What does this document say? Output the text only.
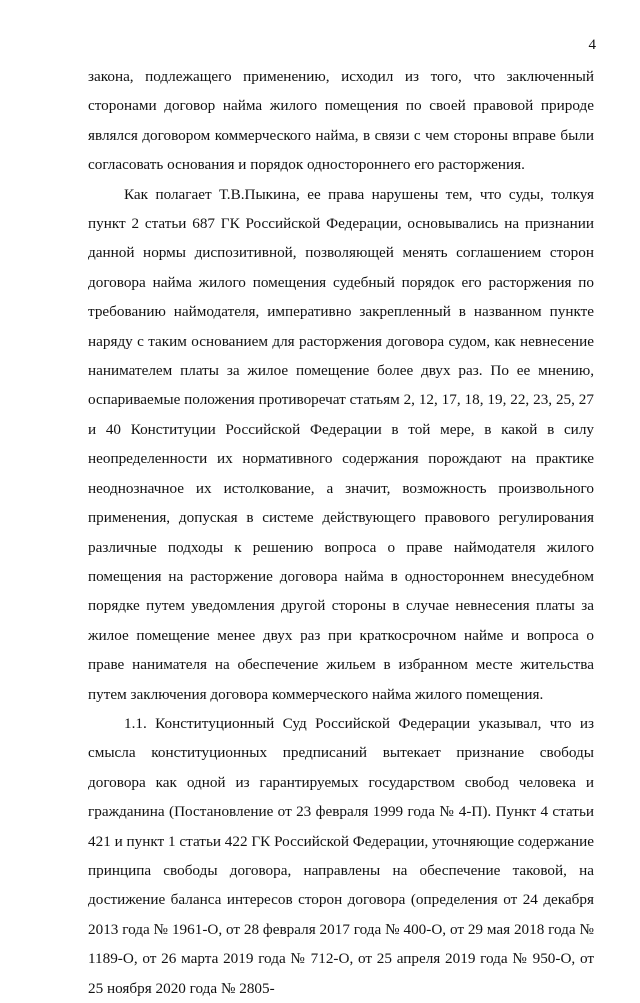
4

закона, подлежащего применению, исходил из того, что заключенный сторонами договор найма жилого помещения по своей правовой природе являлся договором коммерческого найма, в связи с чем стороны вправе были согласовать основания и порядок одностороннего его расторжения.

Как полагает Т.В.Пыкина, ее права нарушены тем, что суды, толкуя пункт 2 статьи 687 ГК Российской Федерации, основывались на признании данной нормы диспозитивной, позволяющей менять соглашением сторон договора найма жилого помещения судебный порядок его расторжения по требованию наймодателя, императивно закрепленный в названном пункте наряду с таким основанием для расторжения договора судом, как невнесение нанимателем платы за жилое помещение более двух раз. По ее мнению, оспариваемые положения противоречат статьям 2, 12, 17, 18, 19, 22, 23, 25, 27 и 40 Конституции Российской Федерации в той мере, в какой в силу неопределенности их нормативного содержания порождают на практике неоднозначное их истолкование, а значит, возможность произвольного применения, допуская в системе действующего правового регулирования различные подходы к решению вопроса о праве наймодателя жилого помещения на расторжение договора найма в одностороннем внесудебном порядке путем уведомления другой стороны в случае невнесения платы за жилое помещение менее двух раз при краткосрочном найме и вопроса о праве нанимателя на обеспечение жильем в избранном месте жительства путем заключения договора коммерческого найма жилого помещения.

1.1. Конституционный Суд Российской Федерации указывал, что из смысла конституционных предписаний вытекает признание свободы договора как одной из гарантируемых государством свобод человека и гражданина (Постановление от 23 февраля 1999 года № 4-П). Пункт 4 статьи 421 и пункт 1 статьи 422 ГК Российской Федерации, уточняющие содержание принципа свободы договора, направлены на обеспечение таковой, на достижение баланса интересов сторон договора (определения от 24 декабря 2013 года № 1961-О, от 28 февраля 2017 года № 400-О, от 29 мая 2018 года № 1189-О, от 26 марта 2019 года № 712-О, от 25 апреля 2019 года № 950-О, от 25 ноября 2020 года № 2805-
